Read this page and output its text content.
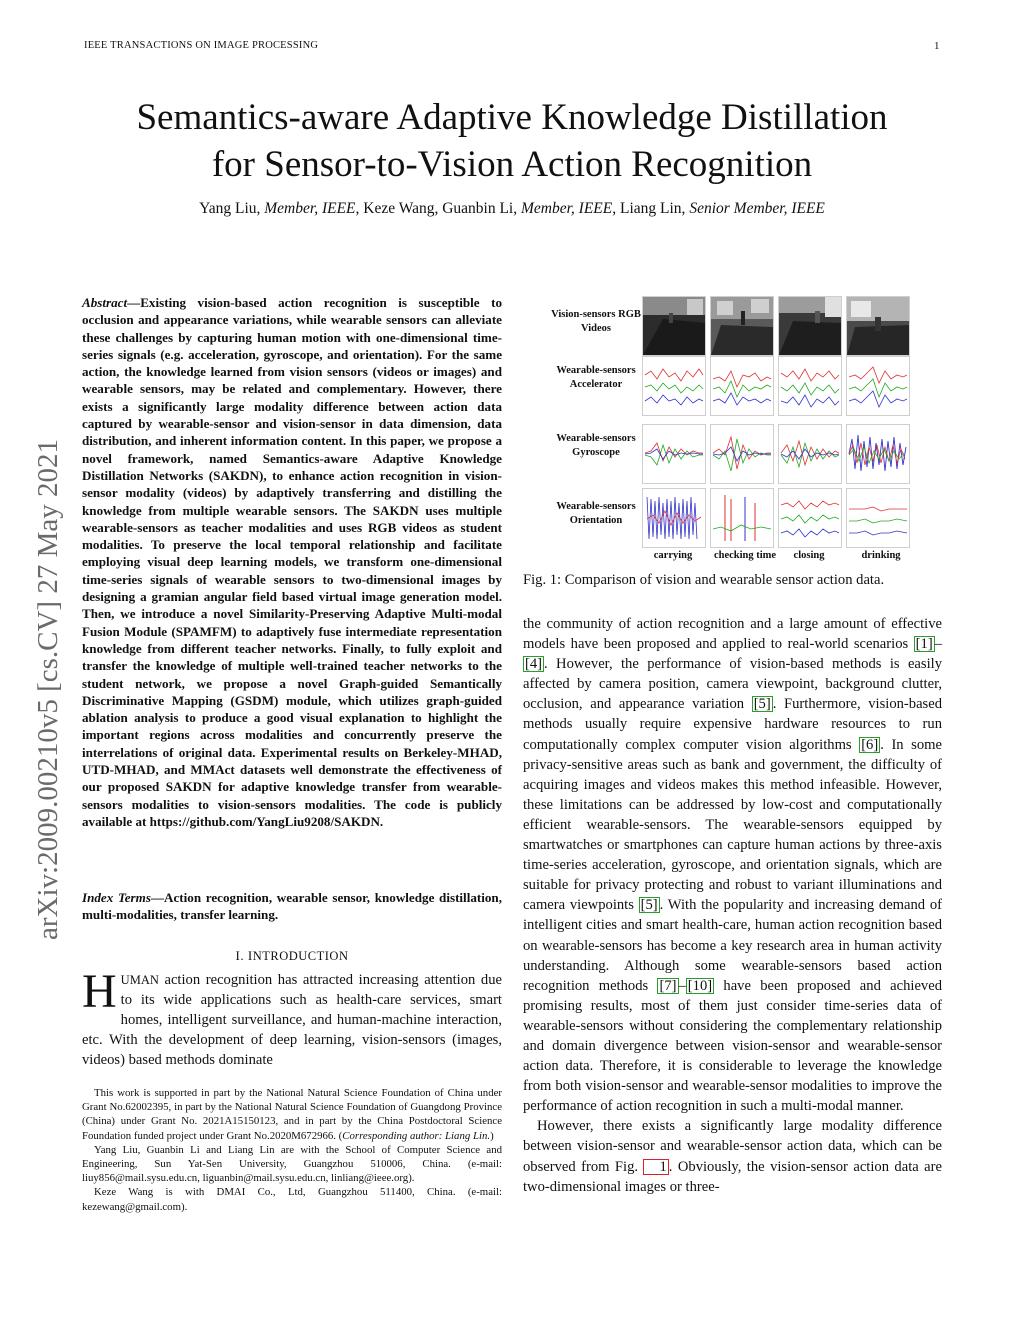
IEEE TRANSACTIONS ON IMAGE PROCESSING	1
Semantics-aware Adaptive Knowledge Distillation
for Sensor-to-Vision Action Recognition
Yang Liu, Member, IEEE, Keze Wang, Guanbin Li, Member, IEEE, Liang Lin, Senior Member, IEEE
arXiv:2009.00210v5 [cs.CV] 27 May 2021
Abstract—Existing vision-based action recognition is susceptible to occlusion and appearance variations, while wearable sensors can alleviate these challenges by capturing human motion with one-dimensional time-series signals (e.g. acceleration, gyroscope, and orientation). For the same action, the knowledge learned from vision sensors (videos or images) and wearable sensors, may be related and complementary. However, there exists a significantly large modality difference between action data captured by wearable-sensor and vision-sensor in data dimension, data distribution, and inherent information content. In this paper, we propose a novel framework, named Semantics-aware Adaptive Knowledge Distillation Networks (SAKDN), to enhance action recognition in vision-sensor modality (videos) by adaptively transferring and distilling the knowledge from multiple wearable sensors. The SAKDN uses multiple wearable-sensors as teacher modalities and uses RGB videos as student modalities. To preserve the local temporal relationship and facilitate employing visual deep learning models, we transform one-dimensional time-series signals of wearable sensors to two-dimensional images by designing a gramian angular field based virtual image generation model. Then, we introduce a novel Similarity-Preserving Adaptive Multi-modal Fusion Module (SPAMFM) to adaptively fuse intermediate representation knowledge from different teacher networks. Finally, to fully exploit and transfer the knowledge of multiple well-trained teacher networks to the student network, we propose a novel Graph-guided Semantically Discriminative Mapping (GSDM) module, which utilizes graph-guided ablation analysis to produce a good visual explanation to highlight the important regions across modalities and concurrently preserve the interrelations of original data. Experimental results on Berkeley-MHAD, UTD-MHAD, and MMAct datasets well demonstrate the effectiveness of our proposed SAKDN for adaptive knowledge transfer from wearable-sensors modalities to vision-sensors modalities. The code is publicly available at https://github.com/YangLiu9208/SAKDN.
Index Terms—Action recognition, wearable sensor, knowledge distillation, multi-modalities, transfer learning.
I. INTRODUCTION
HUMAN action recognition has attracted increasing attention due to its wide applications such as health-care services, smart homes, intelligent surveillance, and human-machine interaction, etc. With the development of deep learning, vision-sensors (images, videos) based methods dominate

This work is supported in part by the National Natural Science Foundation of China under Grant No.62002395, in part by the National Natural Science Foundation of Guangdong Province (China) under Grant No. 2021A15150123, and in part by the China Postdoctoral Science Foundation funded project under Grant No.2020M672966. (Corresponding author: Liang Lin.)

Yang Liu, Guanbin Li and Liang Lin are with the School of Computer Science and Engineering, Sun Yat-Sen University, Guangzhou 510006, China. (e-mail: liuy856@mail.sysu.edu.cn, liguanbin@mail.sysu.edu.cn, linliang@ieee.org).

Keze Wang is with DMAI Co., Ltd, Guangzhou 511400, China. (e-mail: kezewang@gmail.com).

Vision-sensors RGB Videos
Wearable-sensors Accelerator
Wearable-sensors Gyroscope
Wearable-sensors Orientation
carrying	checking time	closing	drinking
Fig. 1: Comparison of vision and wearable sensor action data.

the community of action recognition and a large amount of effective models have been proposed and applied to real-world scenarios [1] –[4] . However, the performance of vision-based methods is easily affected by camera position, camera viewpoint, background clutter, occlusion, and appearance variation [5] . Furthermore, vision-based methods usually require expensive hardware resources to run computationally complex computer vision algorithms [6] . In some privacy-sensitive areas such as bank and government, the difficulty of acquiring images and videos makes this method infeasible. However, these limitations can be addressed by low-cost and computationally efficient wearable-sensors. The wearable-sensors equipped by smartwatches or smartphones can capture human actions by three-axis time-series acceleration, gyroscope, and orientation signals, which are suitable for privacy protecting and robust to variant illuminations and camera viewpoints [5] . With the popularity and increasing demand of intelligent cities and smart health-care, human action recognition based on wearable-sensors has become a key research area in human activity understanding. Although some wearable-sensors based action recognition methods [7] – [10] have been proposed and achieved promising results, most of them just consider time-series data of wearable-sensors without considering the complementary relationship and domain divergence between vision-sensor and wearable-sensor action data. Therefore, it is considerable to leverage the knowledge from both vision-sensor and wearable-sensor modalities to improve the performance of action recognition in such a multi-modal manner.

However, there exists a significantly large modality difference between vision-sensor and wearable-sensor action data, which can be observed from Fig. 1 . Obviously, the vision-sensor action data are two-dimensional images or three-
